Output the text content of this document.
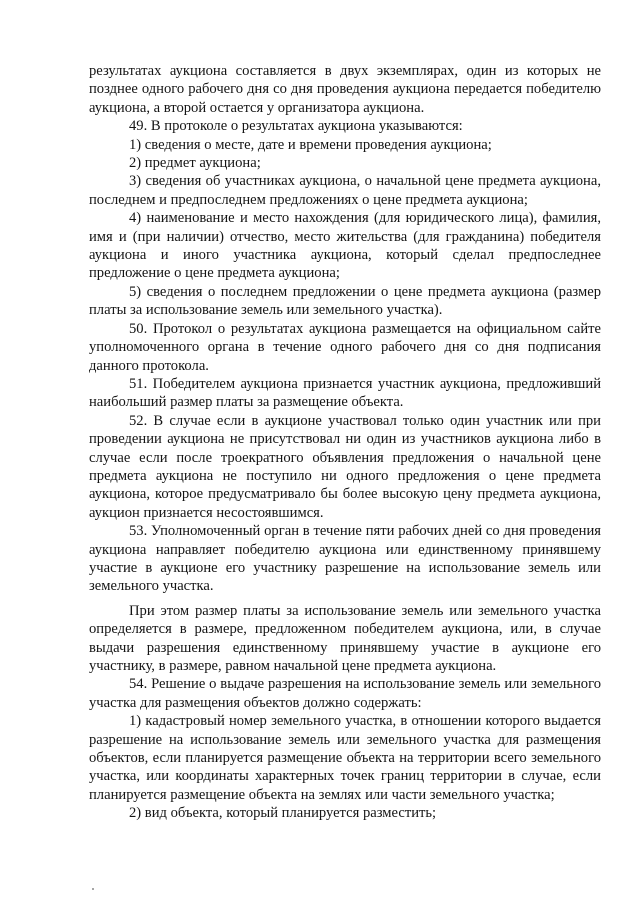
результатах аукциона составляется в двух экземплярах, один из которых не позднее одного рабочего дня со дня проведения аукциона передается победителю аукциона, а второй остается у организатора аукциона.

49. В протоколе о результатах аукциона указываются:

1) сведения о месте, дате и времени проведения аукциона;

2) предмет аукциона;

3) сведения об участниках аукциона, о начальной цене предмета аукциона, последнем и предпоследнем предложениях о цене предмета аукциона;

4) наименование и место нахождения (для юридического лица), фамилия, имя и (при наличии) отчество, место жительства (для гражданина) победителя аукциона и иного участника аукциона, который сделал предпоследнее предложение о цене предмета аукциона;

5) сведения о последнем предложении о цене предмета аукциона (размер платы за использование земель или земельного участка).

50. Протокол о результатах аукциона размещается на официальном сайте уполномоченного органа в течение одного рабочего дня со дня подписания данного протокола.

51. Победителем аукциона признается участник аукциона, предложивший наибольший размер платы за размещение объекта.

52. В случае если в аукционе участвовал только один участник или при проведении аукциона не присутствовал ни один из участников аукциона либо в случае если после троекратного объявления предложения о начальной цене предмета аукциона не поступило ни одного предложения о цене предмета аукциона, которое предусматривало бы более высокую цену предмета аукциона, аукцион признается несостоявшимся.

53. Уполномоченный орган в течение пяти рабочих дней со дня проведения аукциона направляет победителю аукциона или единственному принявшему участие в аукционе его участнику разрешение на использование земель или земельного участка.

При этом размер платы за использование земель или земельного участка определяется в размере, предложенном победителем аукциона, или, в случае выдачи разрешения единственному принявшему участие в аукционе его участнику, в размере, равном начальной цене предмета аукциона.

54. Решение о выдаче разрешения на использование земель или земельного участка для размещения объектов должно содержать:

1) кадастровый номер земельного участка, в отношении которого выдается разрешение на использование земель или земельного участка для размещения объектов, если планируется размещение объекта на территории всего земельного участка, или координаты характерных точек границ территории в случае, если планируется размещение объекта на землях или части земельного участка;

2) вид объекта, который планируется разместить;
